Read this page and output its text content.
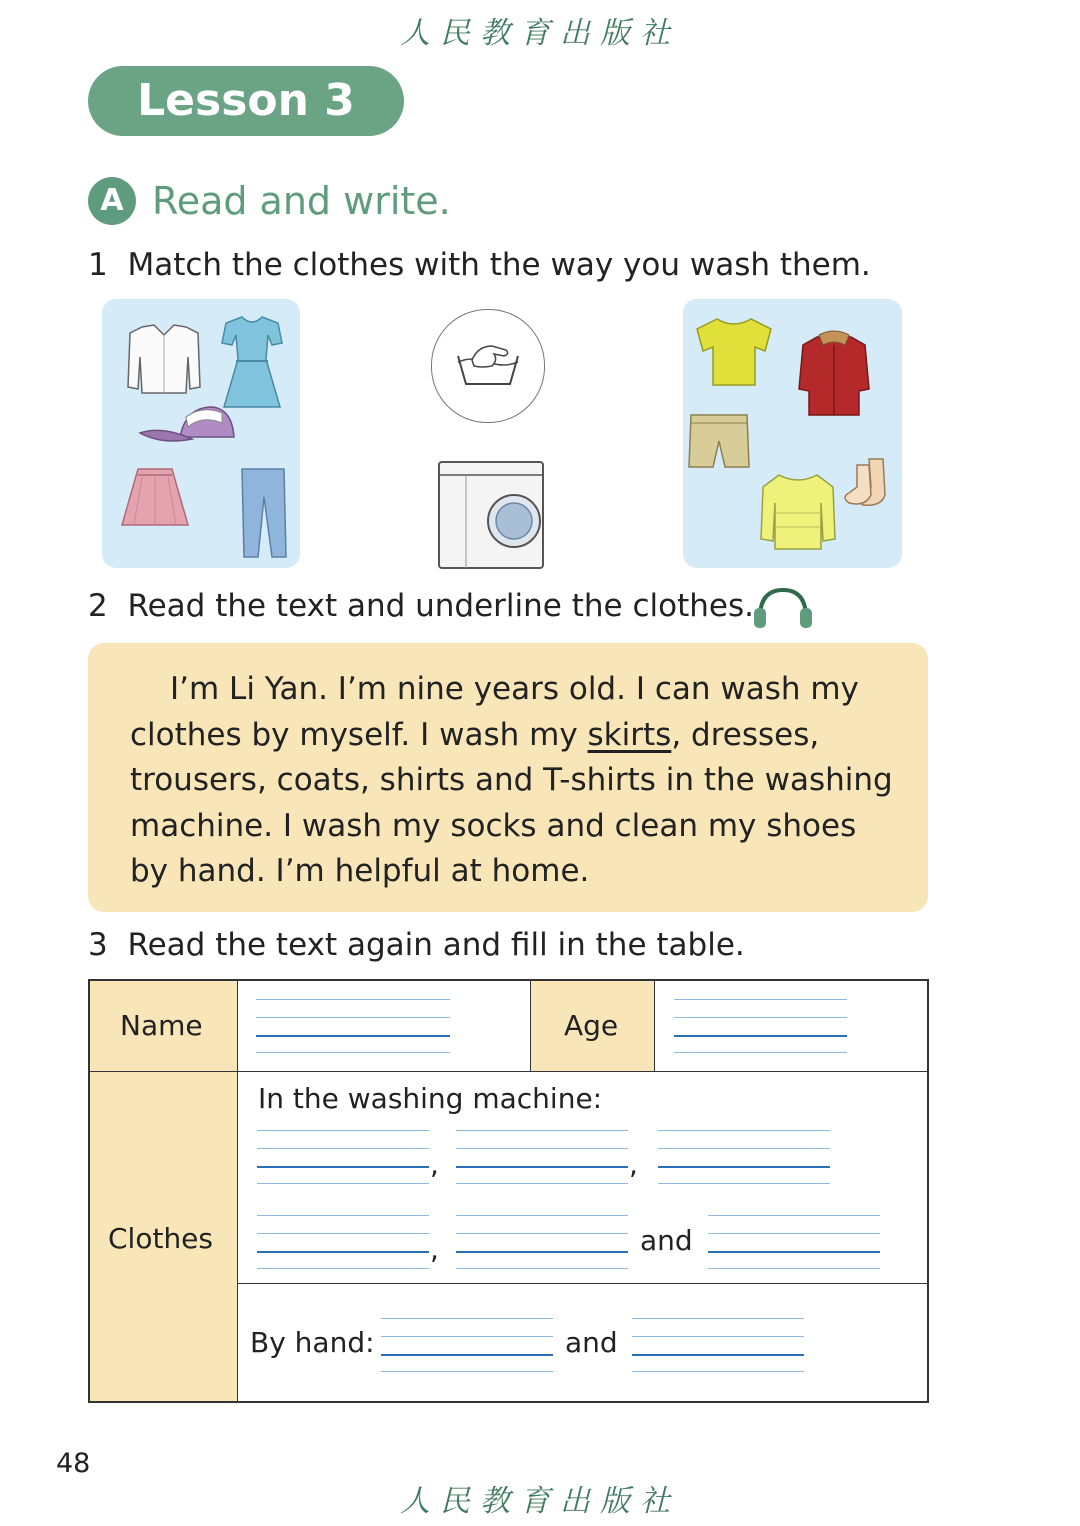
人民教育出版社
Lesson 3
A Read and write.
1 Match the clothes with the way you wash them.
2 Read the text and underline the clothes.
I’m Li Yan. I’m nine years old. I can wash my
clothes by myself. I wash my skirts, dresses,
trousers, coats, shirts and T-shirts in the washing
machine. I wash my socks and clean my shoes
by hand. I’m helpful at home.
3 Read the text again and fill in the table.
Name	Age
Clothes
In the washing machine:
,	,
,	and
By hand:	and
48
人民教育出版社
